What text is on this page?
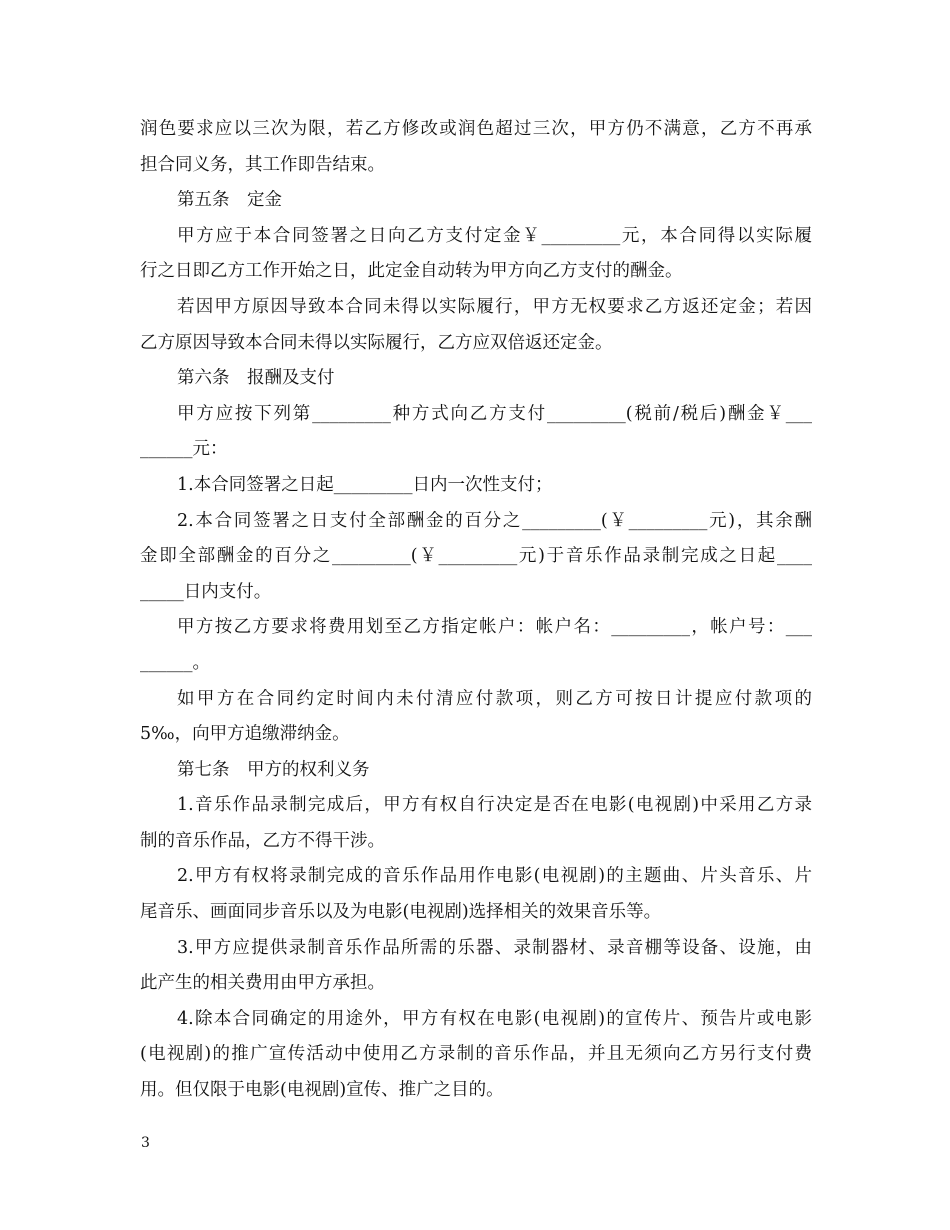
润色要求应以三次为限，若乙方修改或润色超过三次，甲方仍不满意，乙方不再承
担合同义务，其工作即告结束。
第五条　定金
甲方应于本合同签署之日向乙方支付定金￥_________元，本合同得以实际履
行之日即乙方工作开始之日，此定金自动转为甲方向乙方支付的酬金。
若因甲方原因导致本合同未得以实际履行，甲方无权要求乙方返还定金；若因
乙方原因导致本合同未得以实际履行，乙方应双倍返还定金。
第六条　报酬及支付
甲方应按下列第_________种方式向乙方支付_________(税前/税后)酬金￥___
______元：
1.本合同签署之日起_________日内一次性支付；
2.本合同签署之日支付全部酬金的百分之_________(￥_________元)，其余酬
金即全部酬金的百分之_________(￥_________元)于音乐作品录制完成之日起____
_____日内支付。
甲方按乙方要求将费用划至乙方指定帐户：帐户名：_________，帐户号：___
______。
如甲方在合同约定时间内未付清应付款项，则乙方可按日计提应付款项的
5‰，向甲方追缴滞纳金。
第七条　甲方的权利义务
1.音乐作品录制完成后，甲方有权自行决定是否在电影(电视剧)中采用乙方录
制的音乐作品，乙方不得干涉。
2.甲方有权将录制完成的音乐作品用作电影(电视剧)的主题曲、片头音乐、片
尾音乐、画面同步音乐以及为电影(电视剧)选择相关的效果音乐等。
3.甲方应提供录制音乐作品所需的乐器、录制器材、录音棚等设备、设施，由
此产生的相关费用由甲方承担。
4.除本合同确定的用途外，甲方有权在电影(电视剧)的宣传片、预告片或电影
(电视剧)的推广宣传活动中使用乙方录制的音乐作品，并且无须向乙方另行支付费
用。但仅限于电影(电视剧)宣传、推广之目的。
3
